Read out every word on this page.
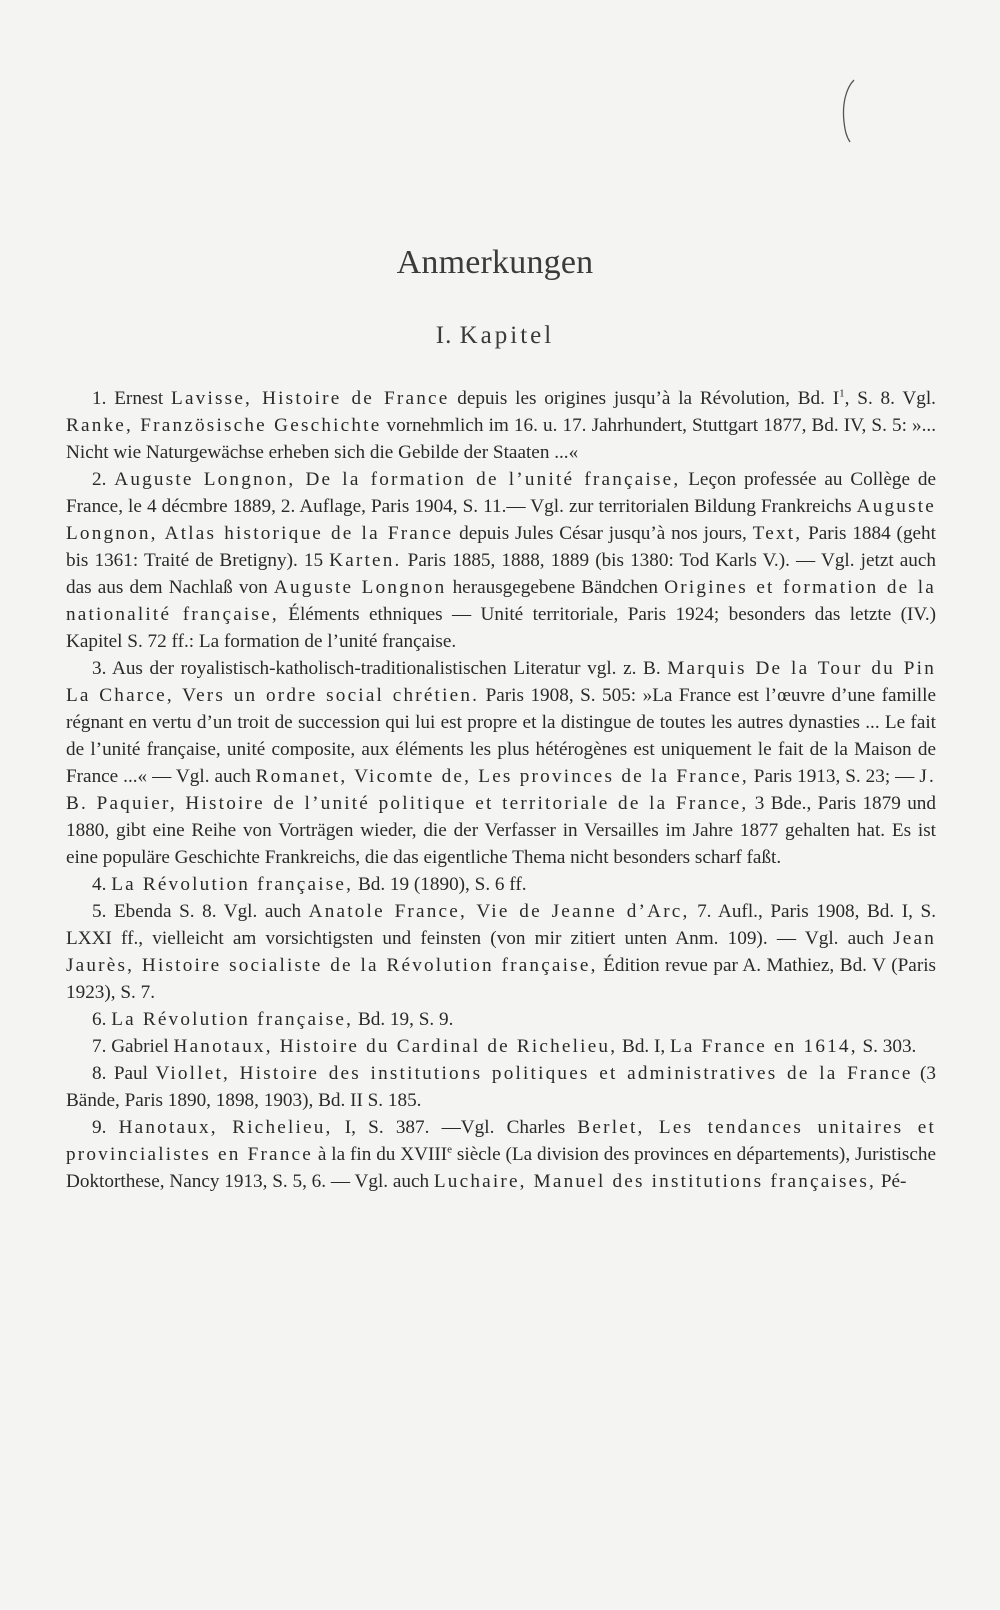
Anmerkungen
I. Kapitel

1. Ernest Lavisse, Histoire de France depuis les origines jusqu’à la Révolution, Bd. $I^1$, S. 8. Vgl. Ranke, Französische Geschichte vornehmlich im 16. u. 17. Jahrhundert, Stuttgart 1877, Bd. IV, S. 5: »... Nicht wie Naturgewächse erheben sich die Gebilde der Staaten ...«

2. Auguste Longnon, De la formation de l’unité française, Leçon professée au Collège de France, le 4 décmbre 1889, 2. Auflage, Paris 1904, S. 11.— Vgl. zur territorialen Bildung Frankreichs Auguste Longnon, Atlas historique de la France depuis Jules César jusqu’à nos jours, Text, Paris 1884 (geht bis 1361: Traité de Bretigny). 15 Karten. Paris 1885, 1888, 1889 (bis 1380: Tod Karls V.). — Vgl. jetzt auch das aus dem Nachlaß von Auguste Longnon herausgegebene Bändchen Origines et formation de la nationalité française, Éléments ethniques — Unité territoriale, Paris 1924; besonders das letzte (IV.) Kapitel S. 72 ff.: La formation de l’unité française.

3. Aus der royalistisch-katholisch-traditionalistischen Literatur vgl. z. B. Marquis De la Tour du Pin La Charce, Vers un ordre social chrétien. Paris 1908, S. 505: »La France est l’œuvre d’une famille régnant en vertu d’un troit de succession qui lui est propre et la distingue de toutes les autres dynasties ... Le fait de l’unité française, unité composite, aux éléments les plus hétérogènes est uniquement le fait de la Maison de France ...« — Vgl. auch Romanet, Vicomte de, Les provinces de la France, Paris 1913, S. 23; — J. B. Paquier, Histoire de l’unité politique et territoriale de la France, 3 Bde., Paris 1879 und 1880, gibt eine Reihe von Vorträgen wieder, die der Verfasser in Versailles im Jahre 1877 gehalten hat. Es ist eine populäre Geschichte Frankreichs, die das eigentliche Thema nicht besonders scharf faßt.

4. La Révolution française, Bd. 19 (1890), S. 6 ff.

5. Ebenda S. 8. Vgl. auch Anatole France, Vie de Jeanne d’Arc, 7. Aufl., Paris 1908, Bd. I, S. LXXI ff., vielleicht am vorsichtigsten und feinsten (von mir zitiert unten Anm. 109). — Vgl. auch Jean Jaurès, Histoire socialiste de la Révolution française, Édition revue par A. Mathiez, Bd. V (Paris 1923), S. 7.

6. La Révolution française, Bd. 19, S. 9.

7. Gabriel Hanotaux, Histoire du Cardinal de Richelieu, Bd. I, La France en 1614, S. 303.

8. Paul Viollet, Histoire des institutions politiques et administratives de la France (3 Bände, Paris 1890, 1898, 1903), Bd. II S. 185.

9. Hanotaux, Richelieu, I, S. 387. —Vgl. Charles Berlet, Les tendances unitaires et provincialistes en France à la fin du XVIIIe siècle (La division des provinces en départements), Juristische Doktorthese, Nancy 1913, S. 5, 6. — Vgl. auch Luchaire, Manuel des institutions françaises, Pé-
